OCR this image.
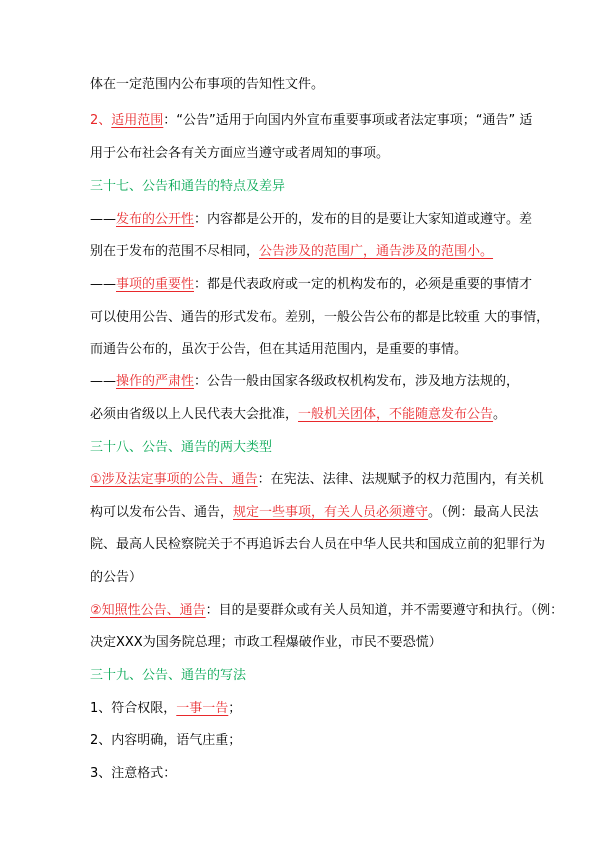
体在一定范围内公布事项的告知性文件。
2、适用范围：“公告”适用于向国内外宣布重要事项或者法定事项；“通告” 适
用于公布社会各有关方面应当遵守或者周知的事项。
三十七、公告和通告的特点及差异
——发布的公开性：内容都是公开的，发布的目的是要让大家知道或遵守。差
别在于发布的范围不尽相同，公告涉及的范围广，通告涉及的范围小。
——事项的重要性：都是代表政府或一定的机构发布的，必须是重要的事情才
可以使用公告、通告的形式发布。差别，一般公告公布的都是比较重 大的事情，
而通告公布的，虽次于公告，但在其适用范围内，是重要的事情。
——操作的严肃性：公告一般由国家各级政权机构发布，涉及地方法规的，
必须由省级以上人民代表大会批准，一般机关团体，不能随意发布公告。
三十八、公告、通告的两大类型
①涉及法定事项的公告、通告：在宪法、法律、法规赋予的权力范围内，有关机
构可以发布公告、通告，规定一些事项，有关人员必须遵守。（例：最高人民法
院、最高人民检察院关于不再追诉去台人员在中华人民共和国成立前的犯罪行为
的公告）
②知照性公告、通告：目的是要群众或有关人员知道，并不需要遵守和执行。（例：
决定XXX为国务院总理；市政工程爆破作业，市民不要恐慌）
三十九、公告、通告的写法
1、符合权限，一事一告；
2、内容明确，语气庄重；
3、注意格式：
